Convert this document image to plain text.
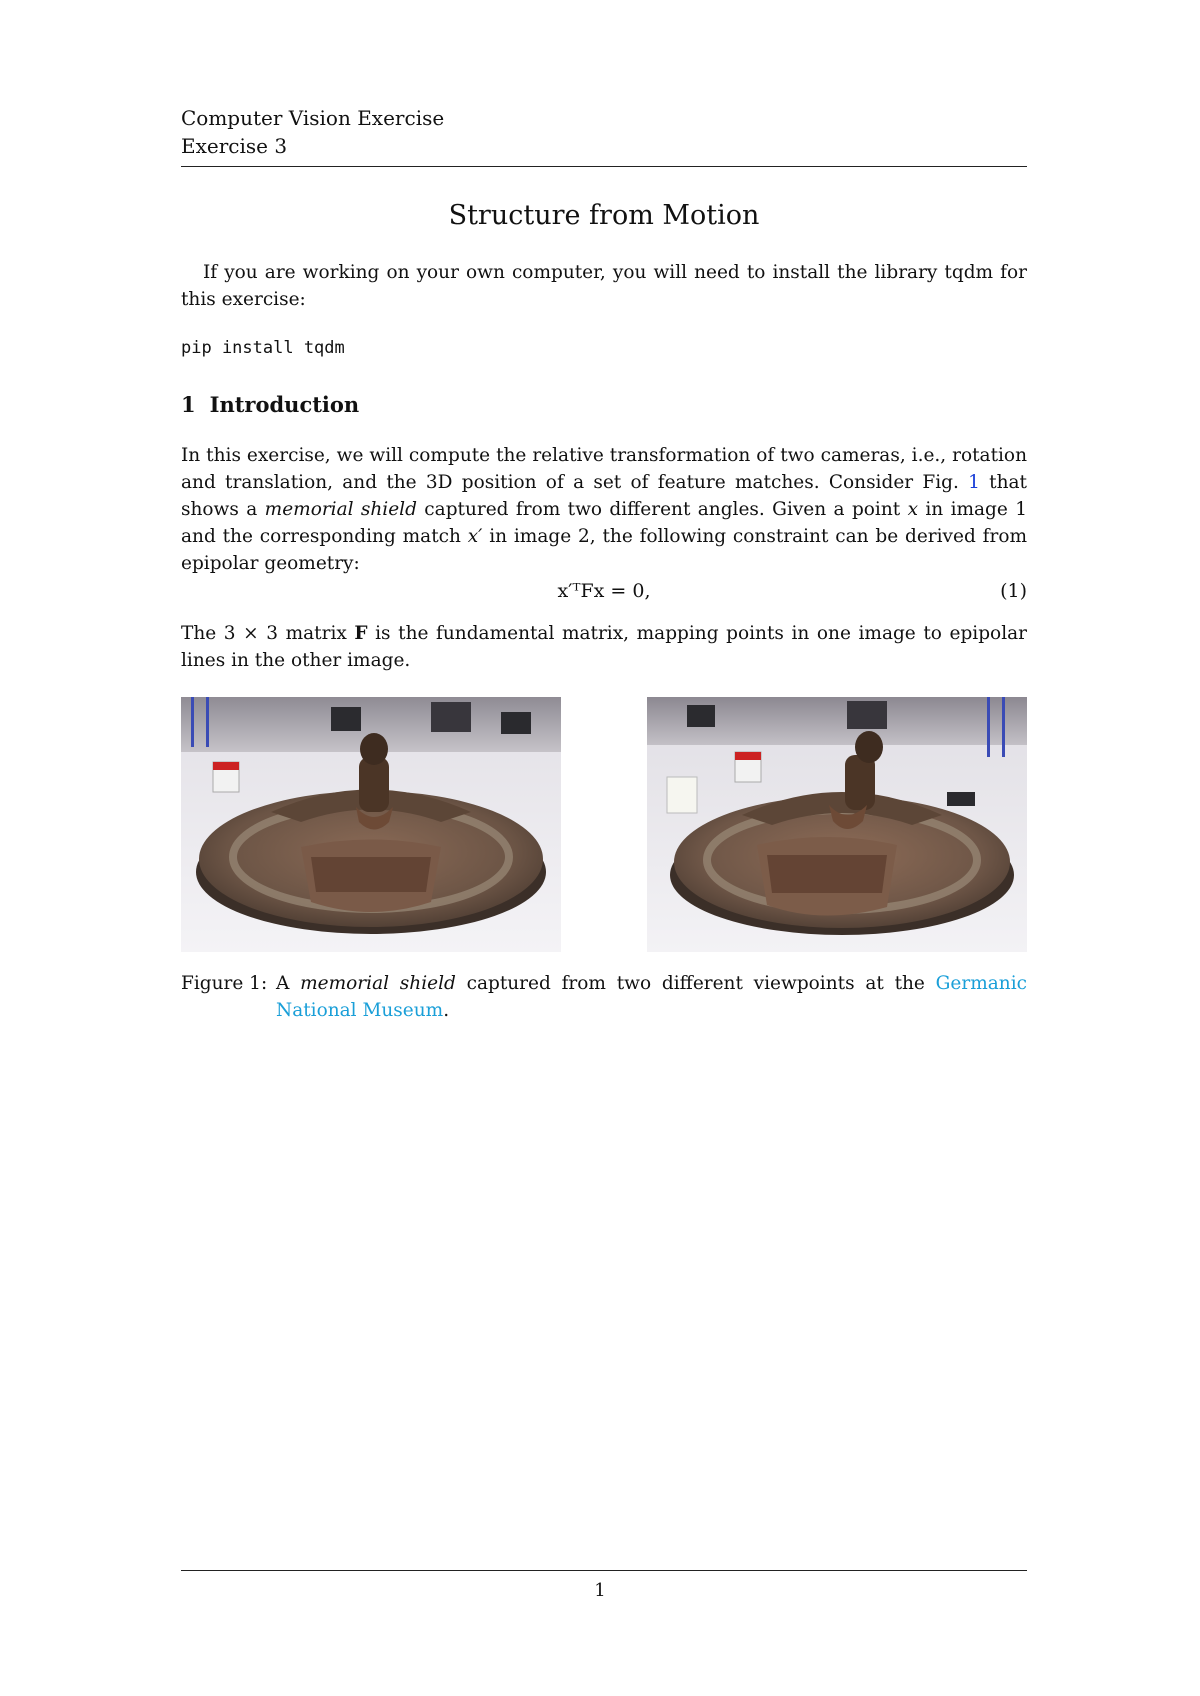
Computer Vision Exercise
Exercise 3
Structure from Motion
If you are working on your own computer, you will need to install the library tqdm for this exercise:
pip install tqdm
1 Introduction
In this exercise, we will compute the relative transformation of two cameras, i.e., rotation and translation, and the 3D position of a set of feature matches. Consider Fig. 1 that shows a memorial shield captured from two different angles. Given a point x in image 1 and the corresponding match x′ in image 2, the following constraint can be derived from epipolar geometry:
x′ᵀFx = 0,	(1)
The 3 × 3 matrix F is the fundamental matrix, mapping points in one image to epipolar lines in the other image.
Figure 1: A memorial shield captured from two different viewpoints at the Germanic National Museum.
1
